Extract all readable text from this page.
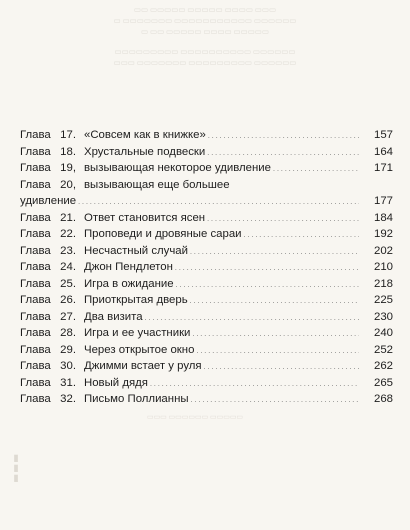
▭▭ ▭▭▭▭▭ ▭▭▭▭▭ ▭▭▭▭ ▭▭▭
▭ ▭▭▭▭▭▭▭ ▭▭▭▭▭▭▭▭▭▭▭ ▭▭▭▭▭▭
▭ ▭▭ ▭▭▭▭▭ ▭▭▭▭ ▭▭▭▭▭
▭▭▭▭▭▭▭▭▭ ▭▭▭▭▭▭▭▭▭▭ ▭▭▭▭▭▭
▭▭▭ ▭▭▭▭▭▭▭ ▭▭▭▭▭▭▭▭▭ ▭▭▭▭▭▭
Глава 17. «Совсем как в книжке» .....	157
Глава 18. Хрустальные подвески .....	164
Глава 19, вызывающая некоторое удивление .....	171
Глава 20, вызывающая еще большее
удивление .....	177
Глава 21. Ответ становится ясен .....	184
Глава 22. Проповеди и дровяные сараи .....	192
Глава 23. Несчастный случай .....	202
Глава 24. Джон Пендлетон .....	210
Глава 25. Игра в ожидание .....	218
Глава 26. Приоткрытая дверь .....	225
Глава 27. Два визита .....	230
Глава 28. Игра и ее участники .....	240
Глава 29. Через открытое окно .....	252
Глава 30. Джимми встает у руля .....	262
Глава 31. Новый дядя .....	265
Глава 32. Письмо Поллианны .....	268
▭▭▭ ▭▭▭▭▭▭ ▭▭▭▭▭
▮▮▮
